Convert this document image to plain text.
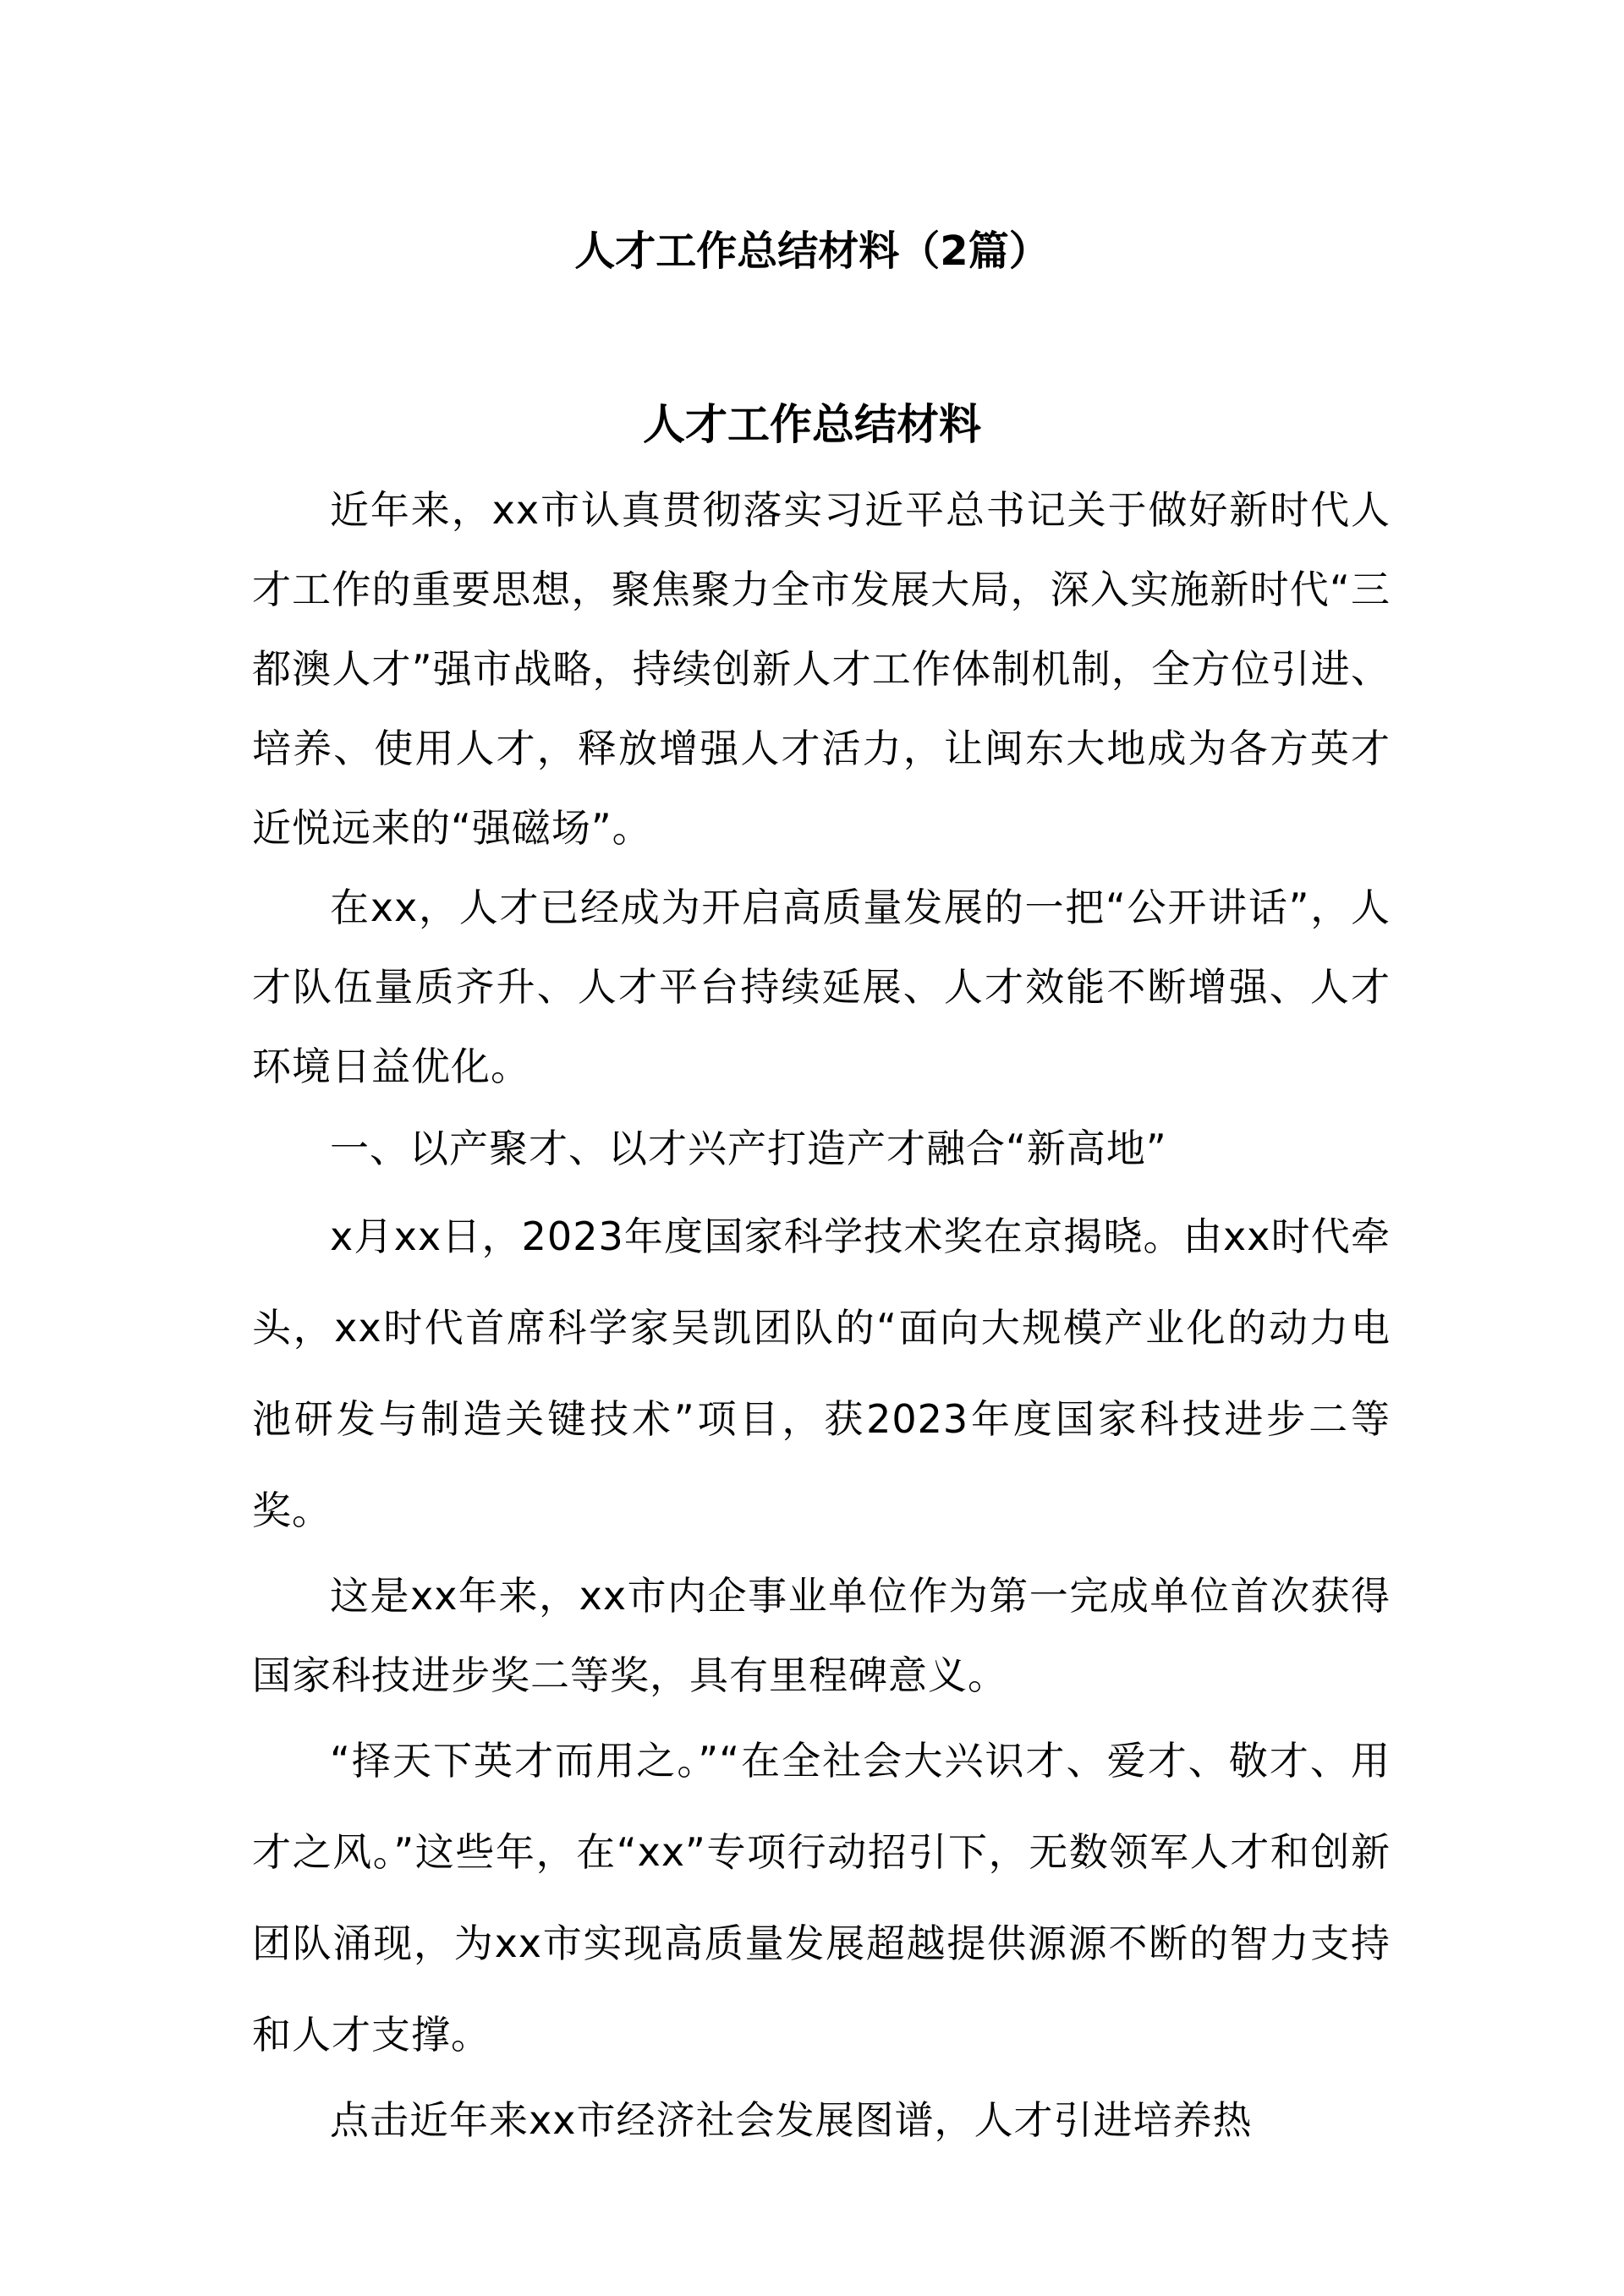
人才工作总结材料（2篇）
人才工作总结材料

近年来，xx市认真贯彻落实习近平总书记关于做好新时代人才工作的重要思想，聚焦聚力全市发展大局，深入实施新时代“三都澳人才”强市战略，持续创新人才工作体制机制，全方位引进、培养、使用人才，释放增强人才活力，让闽东大地成为各方英才近悦远来的“强磁场”。

在xx，人才已经成为开启高质量发展的一把“公开讲话”，人才队伍量质齐升、人才平台持续延展、人才效能不断增强、人才环境日益优化。

一、以产聚才、以才兴产打造产才融合“新高地”

x月xx日，2023年度国家科学技术奖在京揭晓。由xx时代牵头，xx时代首席科学家吴凯团队的“面向大规模产业化的动力电池研发与制造关键技术”项目，获2023年度国家科技进步二等奖。

这是xx年来，xx市内企事业单位作为第一完成单位首次获得国家科技进步奖二等奖，具有里程碑意义。

“择天下英才而用之。”“在全社会大兴识才、爱才、敬才、用才之风。”这些年，在“xx”专项行动招引下，无数领军人才和创新团队涌现，为xx市实现高质量发展超越提供源源不断的智力支持和人才支撑。

点击近年来xx市经济社会发展图谱，人才引进培养热
